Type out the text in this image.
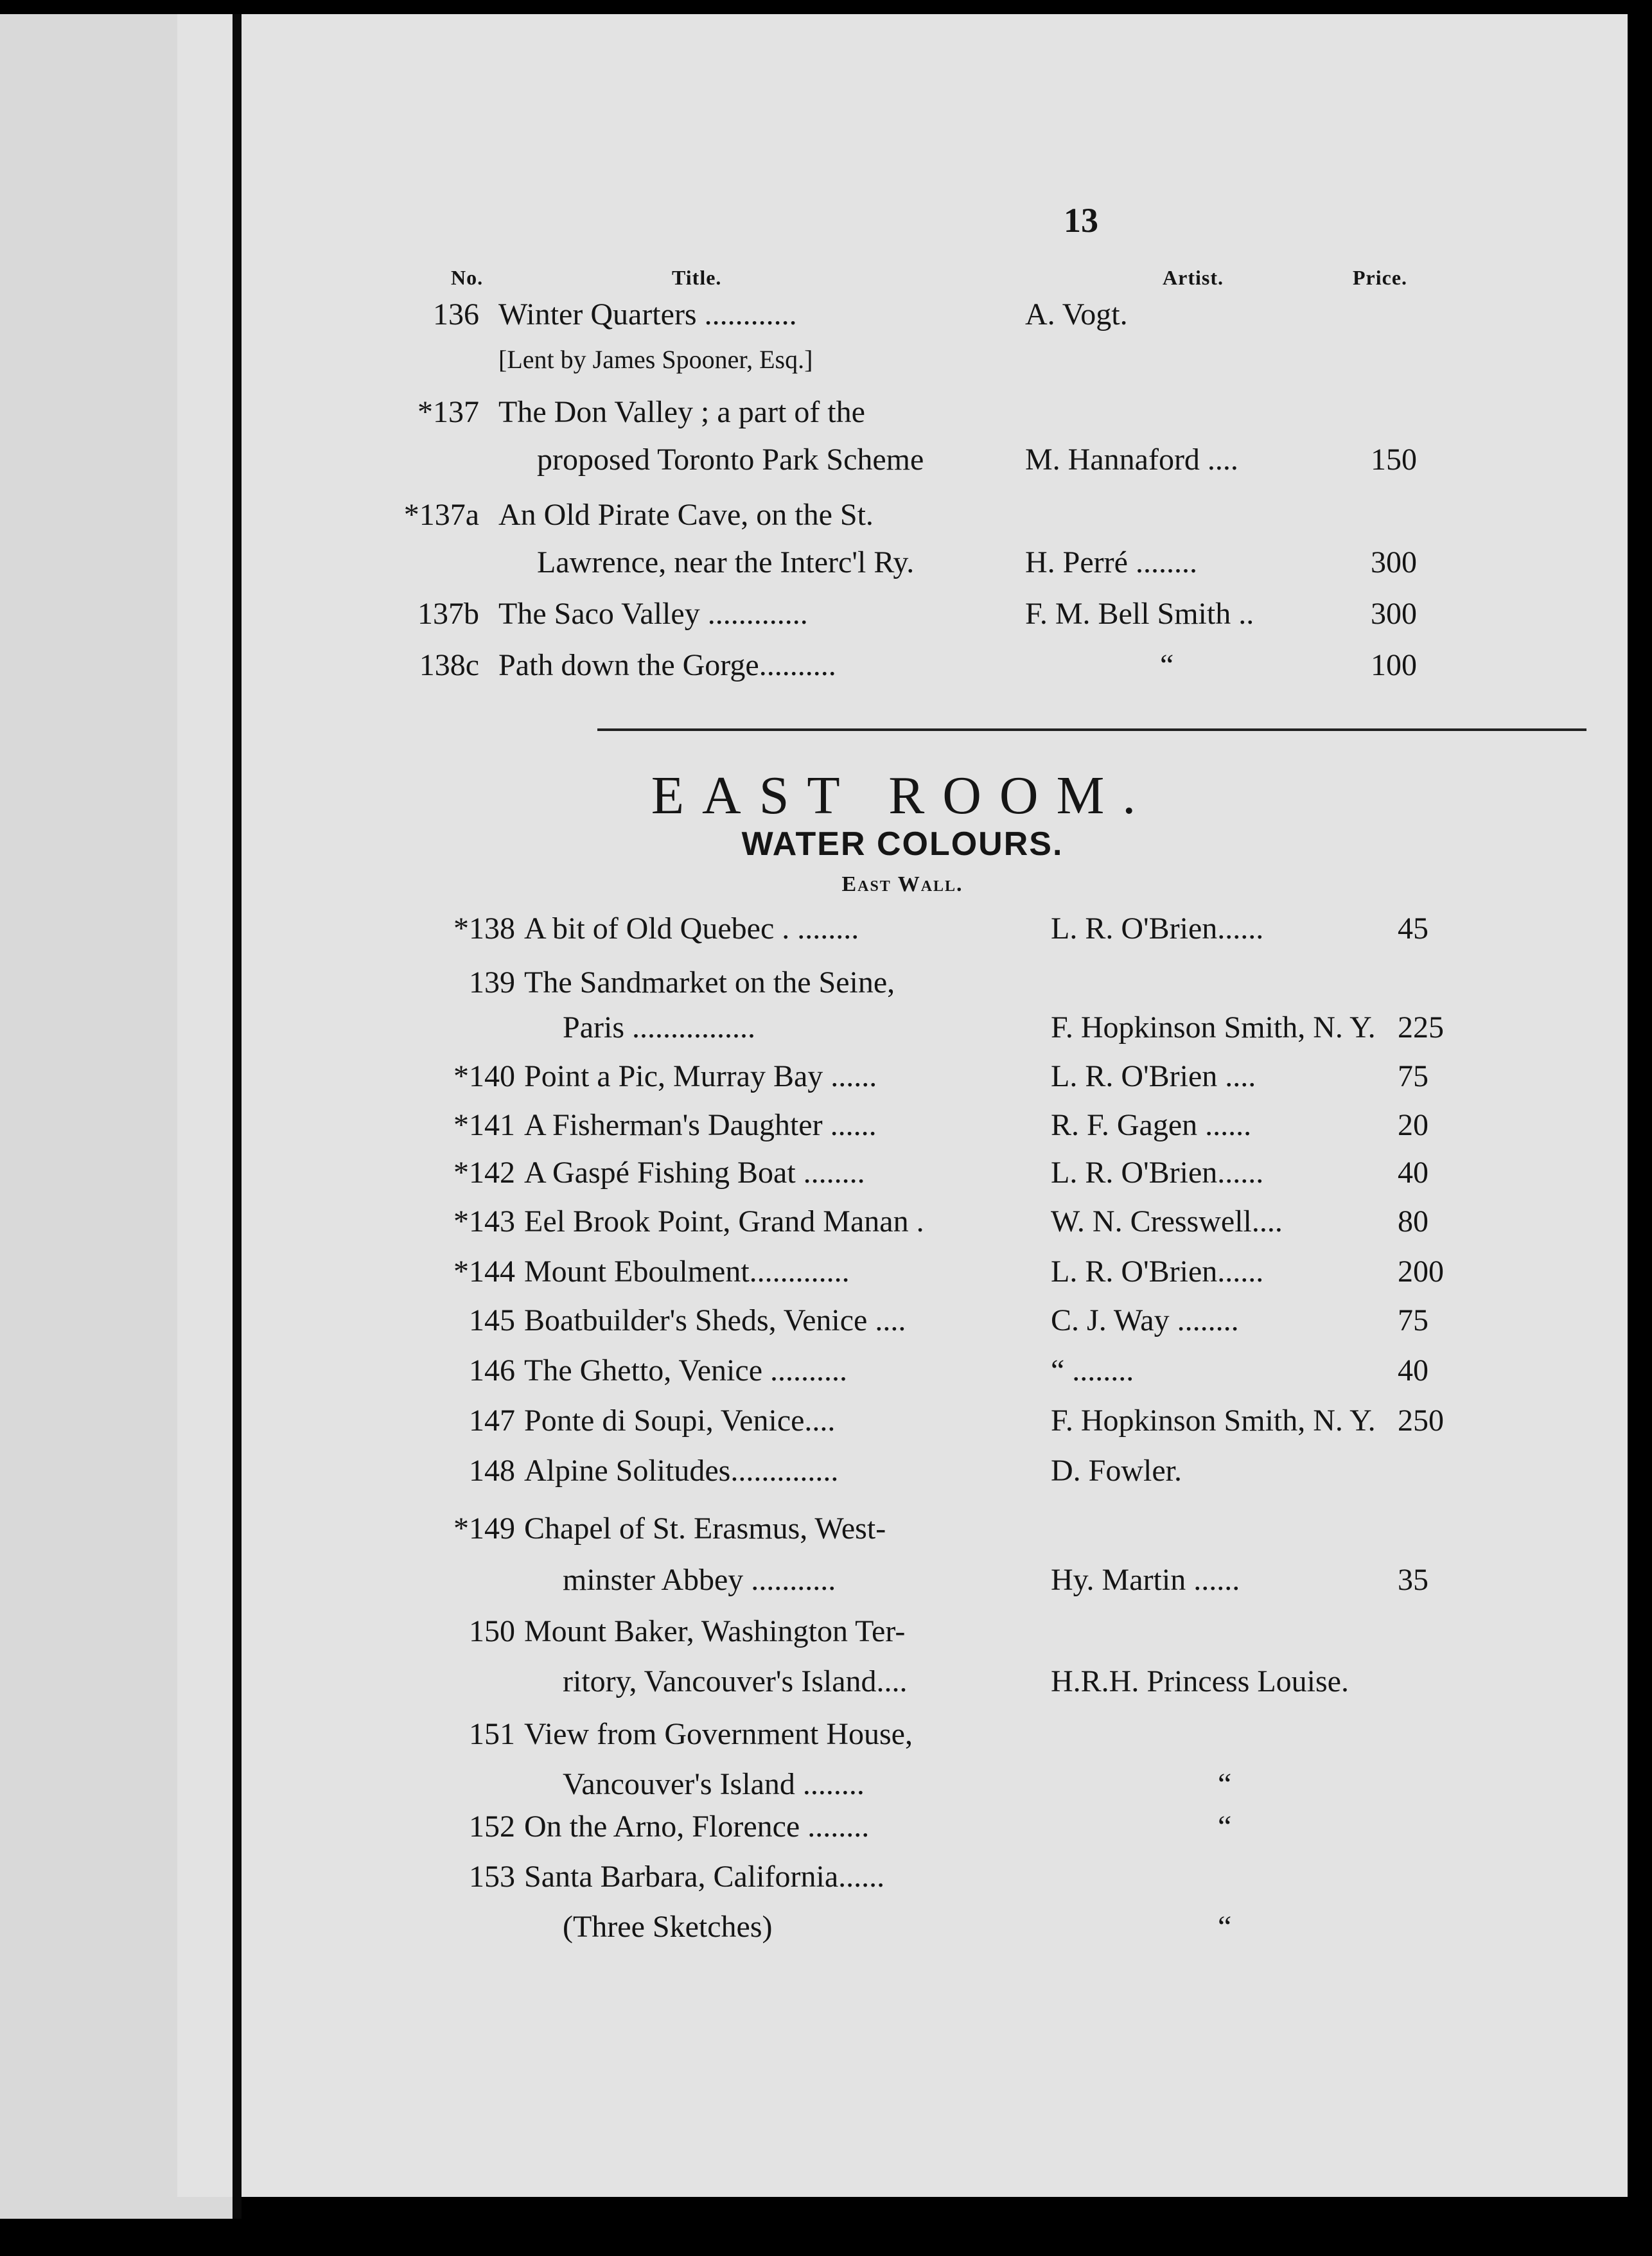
13
No.	Title.	Artist.	Price.
136 Winter Quarters ............	A. Vogt.
[Lent by James Spooner, Esq.]
*137 The Don Valley ; a part of the
proposed Toronto Park Scheme	M. Hannaford ....	150
*137a An Old Pirate Cave, on the St.
Lawrence, near the Interc'l Ry.	H. Perré ........	300
137b The Saco Valley .............	F. M. Bell Smith ..	300
138c Path down the Gorge..........	“	100
EAST ROOM.
WATER COLOURS.
East Wall.
*138 A bit of Old Quebec . ........	L. R. O'Brien......	45
139 The Sandmarket on the Seine,
Paris ................	F. Hopkinson Smith, N. Y. 225
*140 Point a Pic, Murray Bay ......	L. R. O'Brien ....	75
*141 A Fisherman's Daughter ......	R. F. Gagen ......	20
*142 A Gaspé Fishing Boat ........	L. R. O'Brien......	40
*143 Eel Brook Point, Grand Manan .	W. N. Cresswell....	80
*144 Mount Eboulment.............	L. R. O'Brien......	200
145 Boatbuilder's Sheds, Venice ....	C. J. Way ........	75
146 The Ghetto, Venice ..........	“ ........	40
147 Ponte di Soupi, Venice....	F. Hopkinson Smith, N. Y. 250
148 Alpine Solitudes..............	D. Fowler.
*149 Chapel of St. Erasmus, West-
minster Abbey ...........	Hy. Martin ......	35
150 Mount Baker, Washington Ter-
ritory, Vancouver's Island....	H.R.H. Princess Louise.
151 View from Government House,
Vancouver's Island ........	“
152 On the Arno, Florence ........	“
153 Santa Barbara, California......
(Three Sketches)	“
